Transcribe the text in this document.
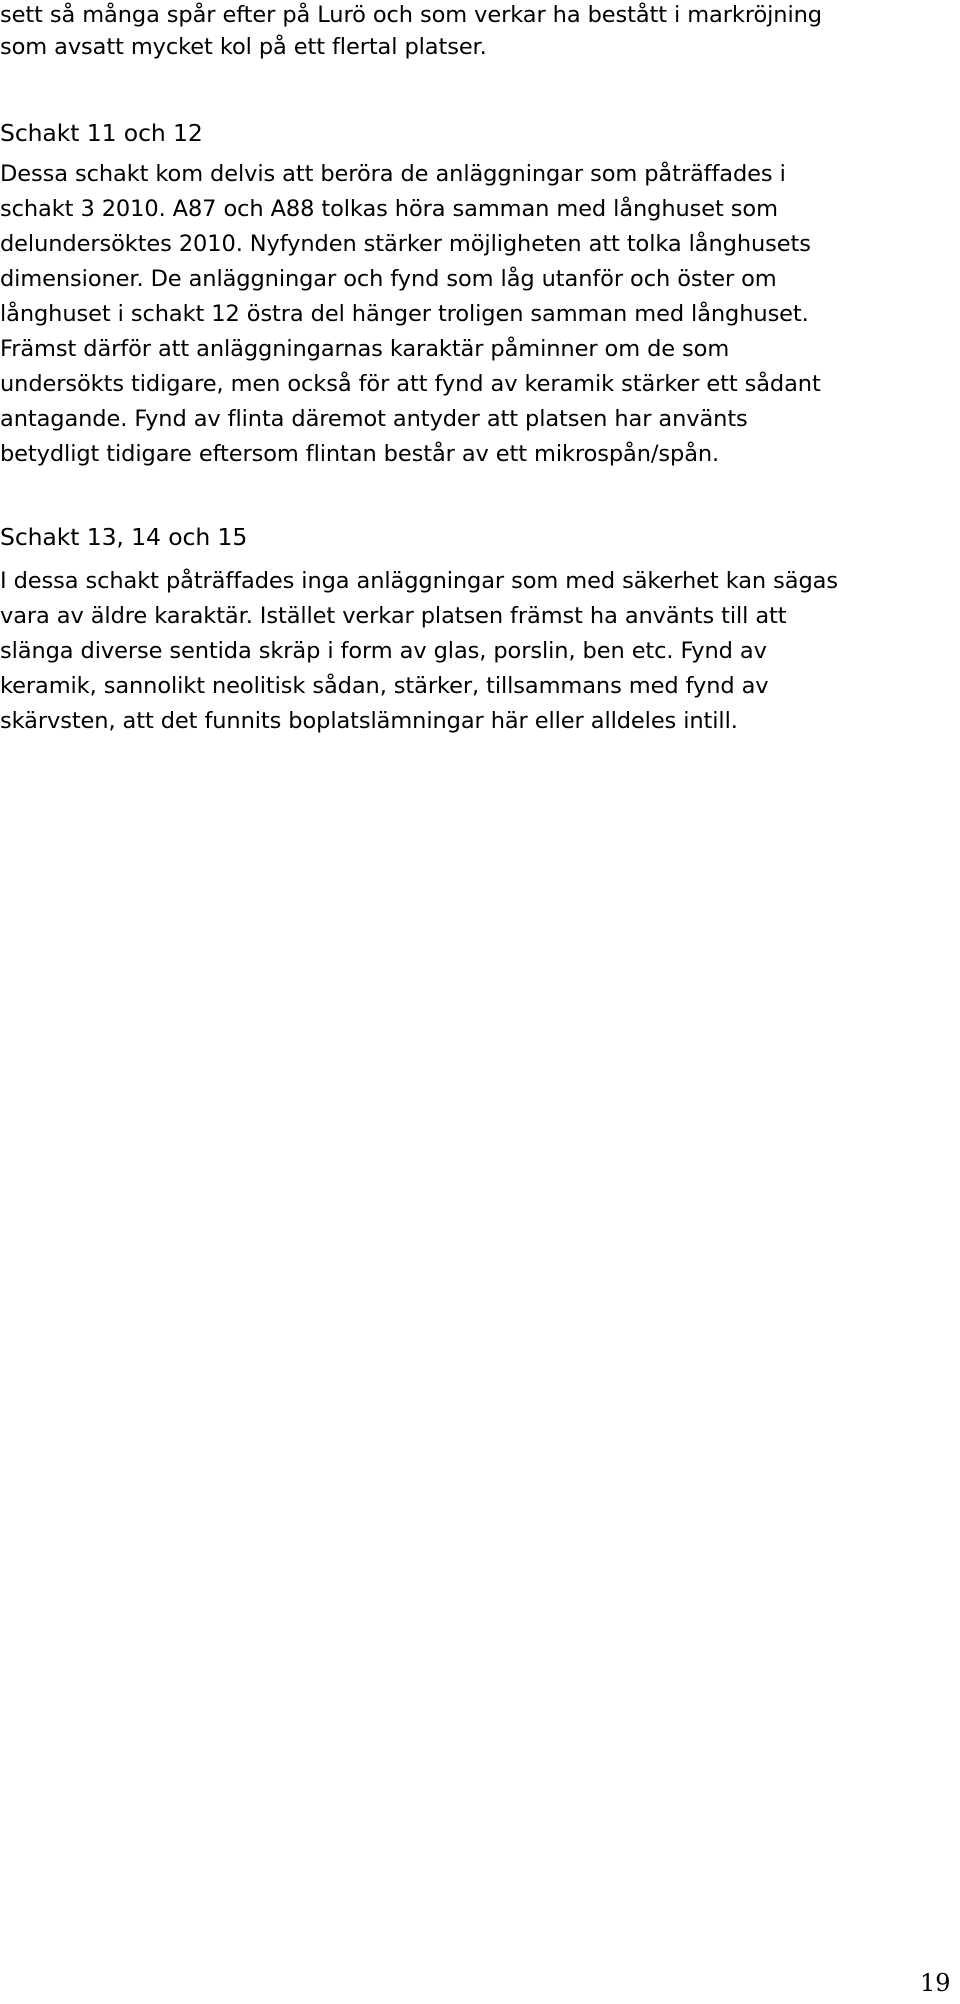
sett så många spår efter på Lurö och som verkar ha bestått i markröjning

som avsatt mycket kol på ett flertal platser.

Schakt 11 och 12

Dessa schakt kom delvis att beröra de anläggningar som påträffades i

schakt 3 2010. A87 och A88 tolkas höra samman med långhuset som

delundersöktes 2010. Nyfynden stärker möjligheten att tolka långhusets

dimensioner. De anläggningar och fynd som låg utanför och öster om

långhuset i schakt 12 östra del hänger troligen samman med långhuset.

Främst därför att anläggningarnas karaktär påminner om de som

undersökts tidigare, men också för att fynd av keramik stärker ett sådant

antagande. Fynd av flinta däremot antyder att platsen har använts

betydligt tidigare eftersom flintan består av ett mikrospån/spån.

Schakt 13, 14 och 15

I dessa schakt påträffades inga anläggningar som med säkerhet kan sägas

vara av äldre karaktär. Istället verkar platsen främst ha använts till att

slänga diverse sentida skräp i form av glas, porslin, ben etc. Fynd av

keramik, sannolikt neolitisk sådan, stärker, tillsammans med fynd av

skärvsten, att det funnits boplatslämningar här eller alldeles intill.

19
